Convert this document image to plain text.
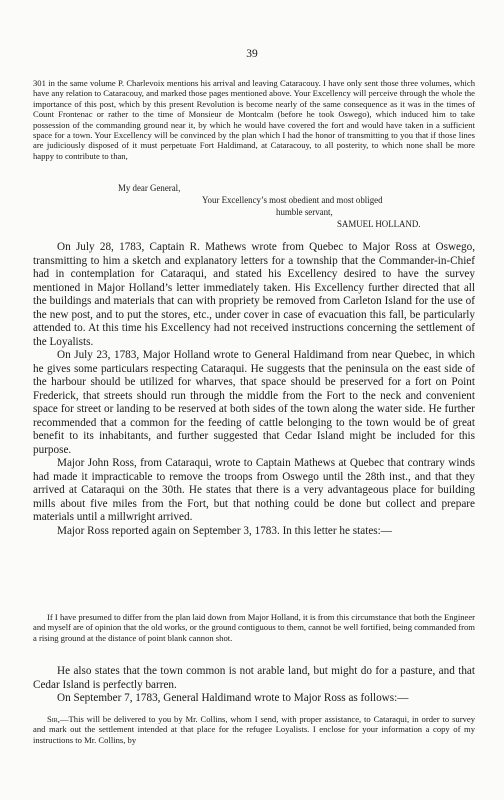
39

301 in the same volume P. Charlevoix mentions his arrival and leaving Cataracouy. I have only sent those three volumes, which have any relation to Cataracouy, and marked those pages mentioned above. Your Excellency will perceive through the whole the importance of this post, which by this present Revolution is become nearly of the same consequence as it was in the times of Count Frontenac or rather to the time of Monsieur de Montcalm (before he took Oswego), which induced him to take possession of the commanding ground near it, by which he would have covered the fort and would have taken in a sufficient space for a town. Your Excellency will be convinced by the plan which I had the honor of transmitting to you that if those lines are judiciously disposed of it must perpetuate Fort Haldimand, at Cataracouy, to all posterity, to which none shall be more happy to contribute to than,

My dear General,
Your Excellency’s most obedient and most obliged
humble servant,
SAMUEL HOLLAND.

On July 28, 1783, Captain R. Mathews wrote from Quebec to Major Ross at Oswego, transmitting to him a sketch and explanatory letters for a township that the Commander-in-Chief had in contemplation for Cataraqui, and stated his Excellency desired to have the survey mentioned in Major Holland’s letter immediately taken. His Excellency further directed that all the buildings and materials that can with propriety be removed from Carleton Island for the use of the new post, and to put the stores, etc., under cover in case of evacuation this fall, be particularly attended to. At this time his Excellency had not received instructions concerning the settlement of the Loyalists.

On July 23, 1783, Major Holland wrote to General Haldimand from near Quebec, in which he gives some particulars respecting Cataraqui. He suggests that the peninsula on the east side of the harbour should be utilized for wharves, that space should be preserved for a fort on Point Frederick, that streets should run through the middle from the Fort to the neck and convenient space for street or landing to be reserved at both sides of the town along the water side. He further recommended that a common for the feeding of cattle belonging to the town would be of great benefit to its inhabitants, and further suggested that Cedar Island might be included for this purpose.

Major John Ross, from Cataraqui, wrote to Captain Mathews at Quebec that contrary winds had made it impracticable to remove the troops from Oswego until the 28th inst., and that they arrived at Cataraqui on the 30th. He states that there is a very advantageous place for building mills about five miles from the Fort, but that nothing could be done but collect and prepare materials until a millwright arrived.

Major Ross reported again on September 3, 1783. In this letter he states:—

If I have presumed to differ from the plan laid down from Major Holland, it is from this circumstance that both the Engineer and myself are of opinion that the old works, or the ground contiguous to them, cannot be well fortified, being commanded from a rising ground at the distance of point blank cannon shot.

He also states that the town common is not arable land, but might do for a pasture, and that Cedar Island is perfectly barren.

On September 7, 1783, General Haldimand wrote to Major Ross as follows:—

Sir,—This will be delivered to you by Mr. Collins, whom I send, with proper assistance, to Cataraqui, in order to survey and mark out the settlement intended at that place for the refugee Loyalists. I enclose for your information a copy of my instructions to Mr. Collins, by
